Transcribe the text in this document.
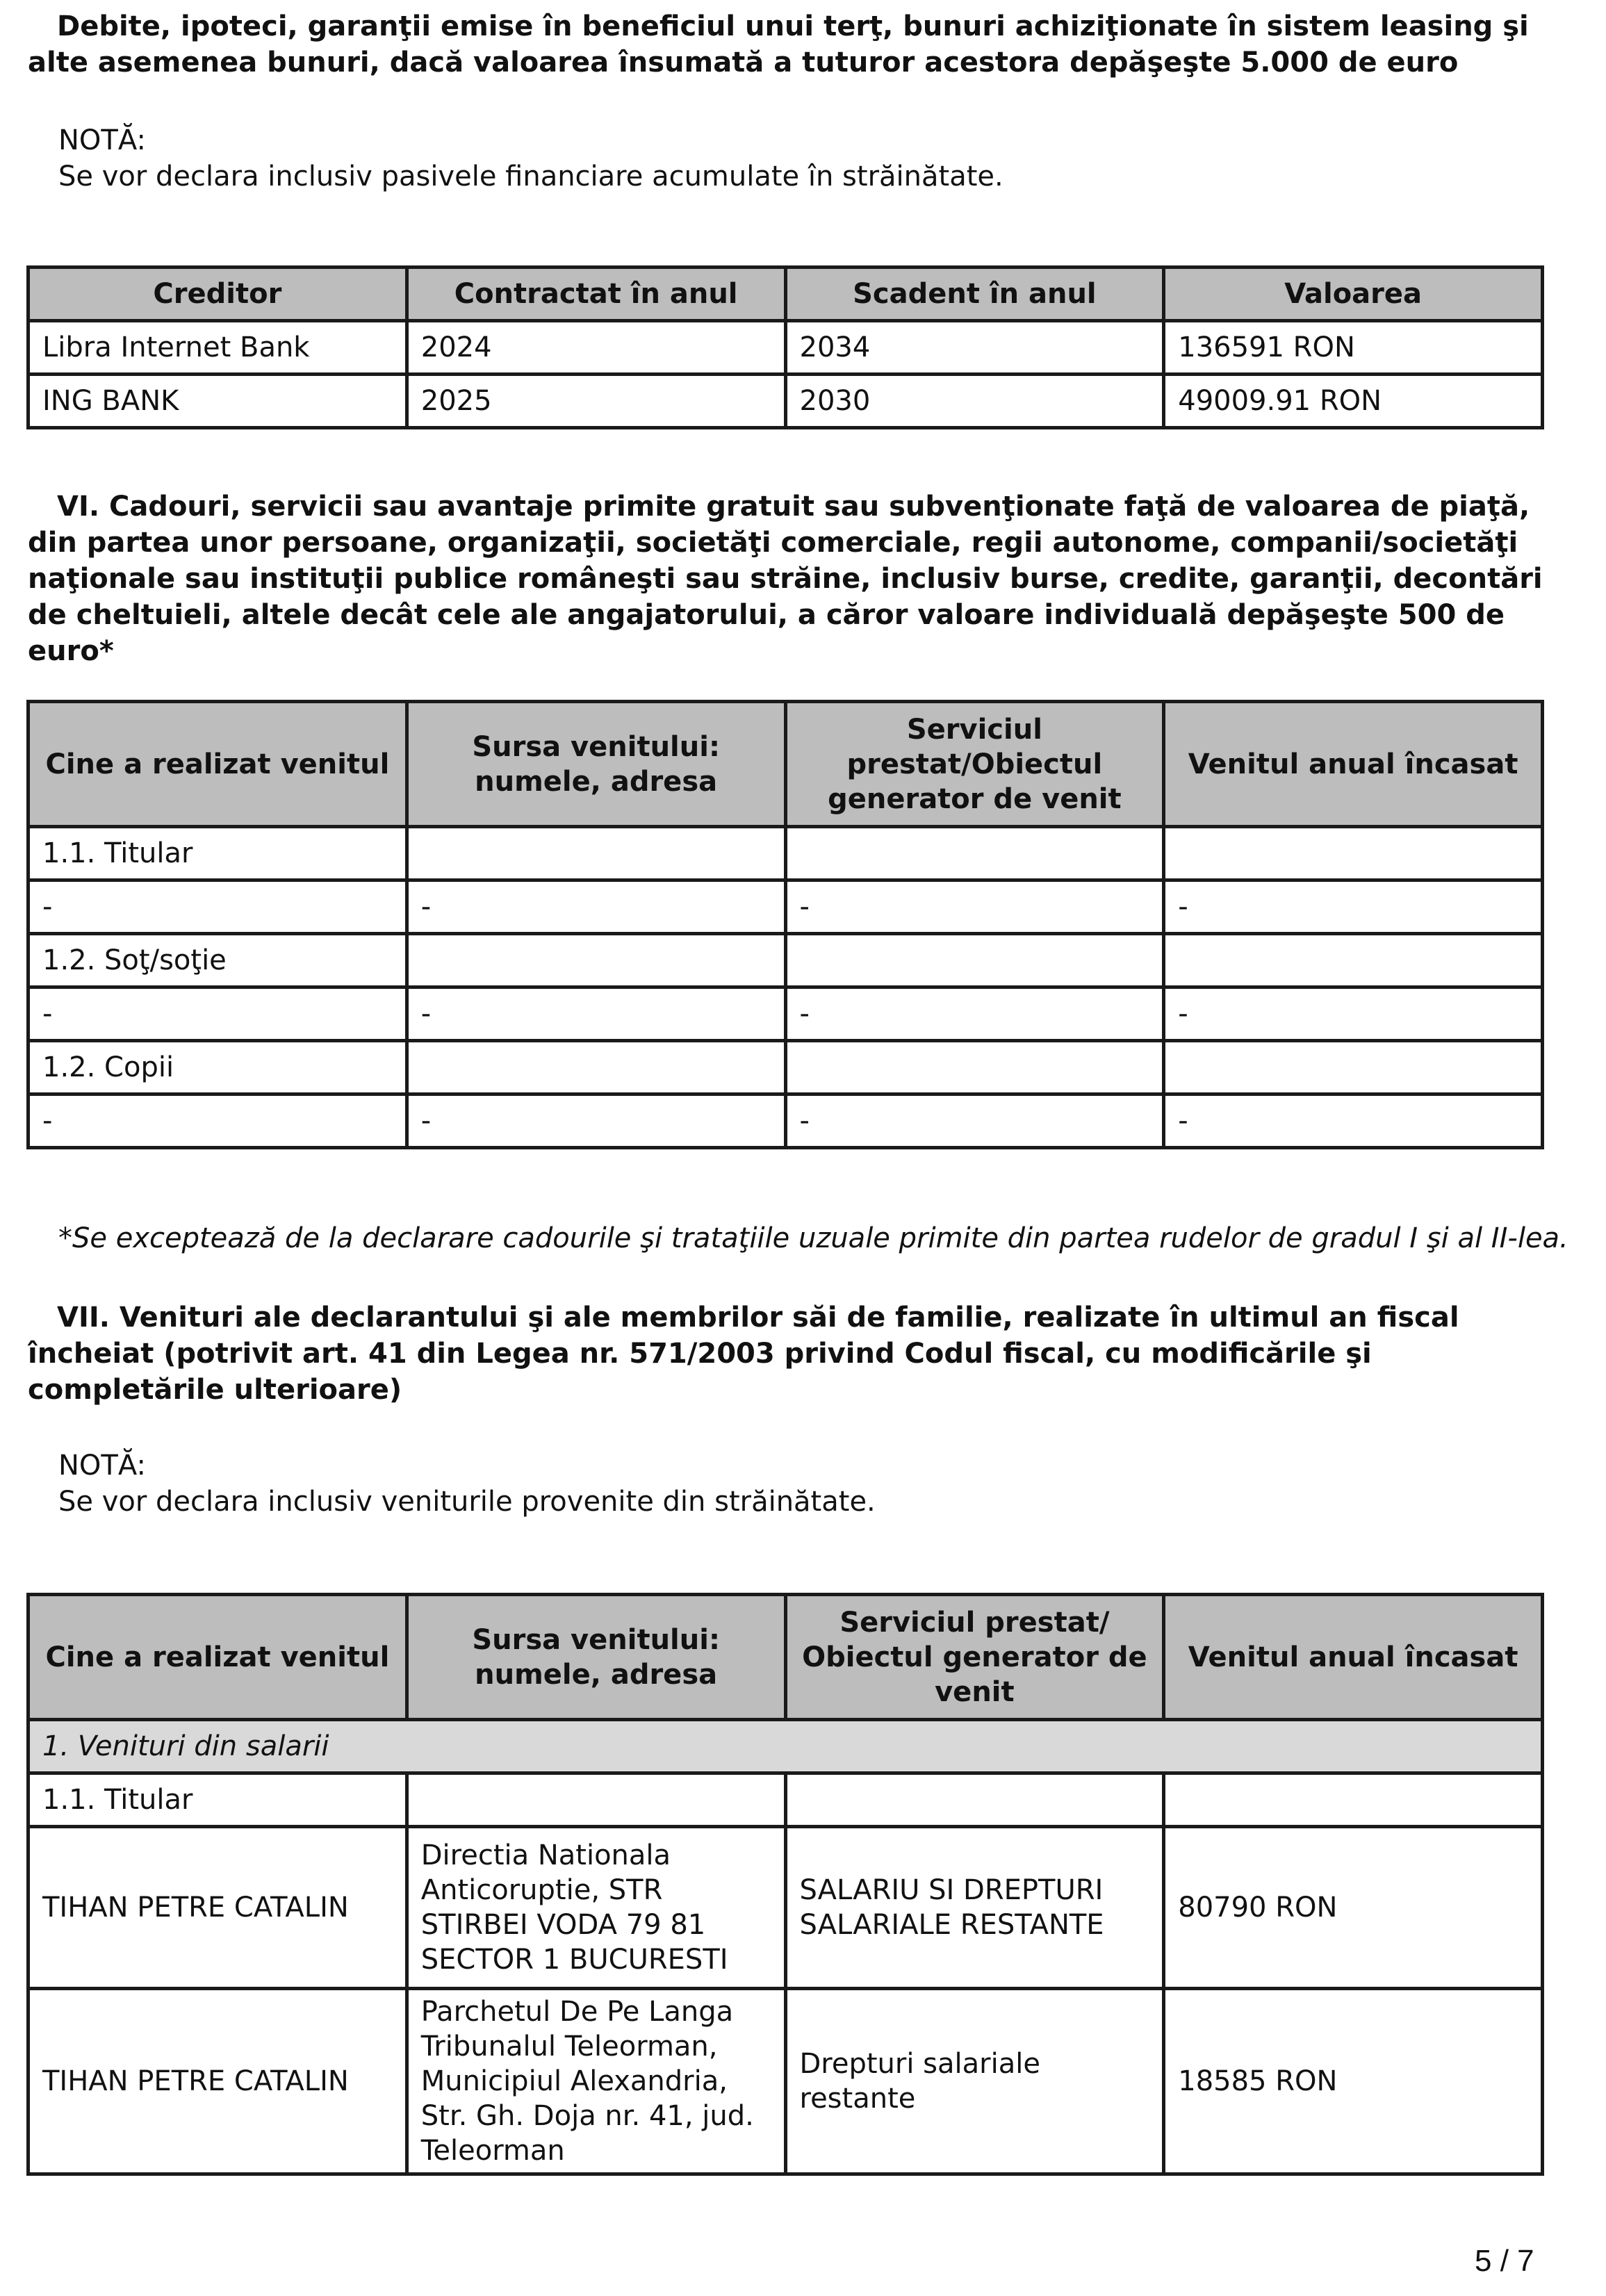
Debite, ipoteci, garanţii emise în beneficiul unui terţ, bunuri achiziţionate în sistem leasing şi alte asemenea bunuri, dacă valoarea însumată a tuturor acestora depăşeşte 5.000 de euro

NOTĂ:

Se vor declara inclusiv pasivele financiare acumulate în străinătate.

Creditor	Contractat în anul	Scadent în anul	Valoarea
Libra Internet Bank	2024	2034	136591 RON
ING BANK	2025	2030	49009.91 RON

VI. Cadouri, servicii sau avantaje primite gratuit sau subvenţionate faţă de valoarea de piaţă, din partea unor persoane, organizaţii, societăţi comerciale, regii autonome, companii/societăţi naţionale sau instituţii publice româneşti sau străine, inclusiv burse, credite, garanţii, decontări de cheltuieli, altele decât cele ale angajatorului, a căror valoare individuală depăşeşte 500 de euro*

Cine a realizat venitul	Sursa venitului: numele, adresa	Serviciul prestat/Obiectul generator de venit	Venitul anual încasat
1.1. Titular			
-	-	-	-
1.2. Soţ/soţie			
-	-	-	-
1.2. Copii			
-	-	-	-

*Se exceptează de la declarare cadourile şi trataţiile uzuale primite din partea rudelor de gradul I şi al II-lea.

VII. Venituri ale declarantului şi ale membrilor săi de familie, realizate în ultimul an fiscal încheiat (potrivit art. 41 din Legea nr. 571/2003 privind Codul fiscal, cu modificările şi completările ulterioare)

NOTĂ:

Se vor declara inclusiv veniturile provenite din străinătate.

Cine a realizat venitul	Sursa venitului: numele, adresa	Serviciul prestat/ Obiectul generator de venit	Venitul anual încasat
1. Venituri din salarii			
1.1. Titular			
TIHAN PETRE CATALIN	Directia Nationala Anticoruptie, STR STIRBEI VODA 79 81 SECTOR 1 BUCURESTI	SALARIU SI DREPTURI SALARIALE RESTANTE	80790 RON
TIHAN PETRE CATALIN	Parchetul De Pe Langa Tribunalul Teleorman, Municipiul Alexandria, Str. Gh. Doja nr. 41, jud. Teleorman	Drepturi salariale restante	18585 RON
5 / 7
